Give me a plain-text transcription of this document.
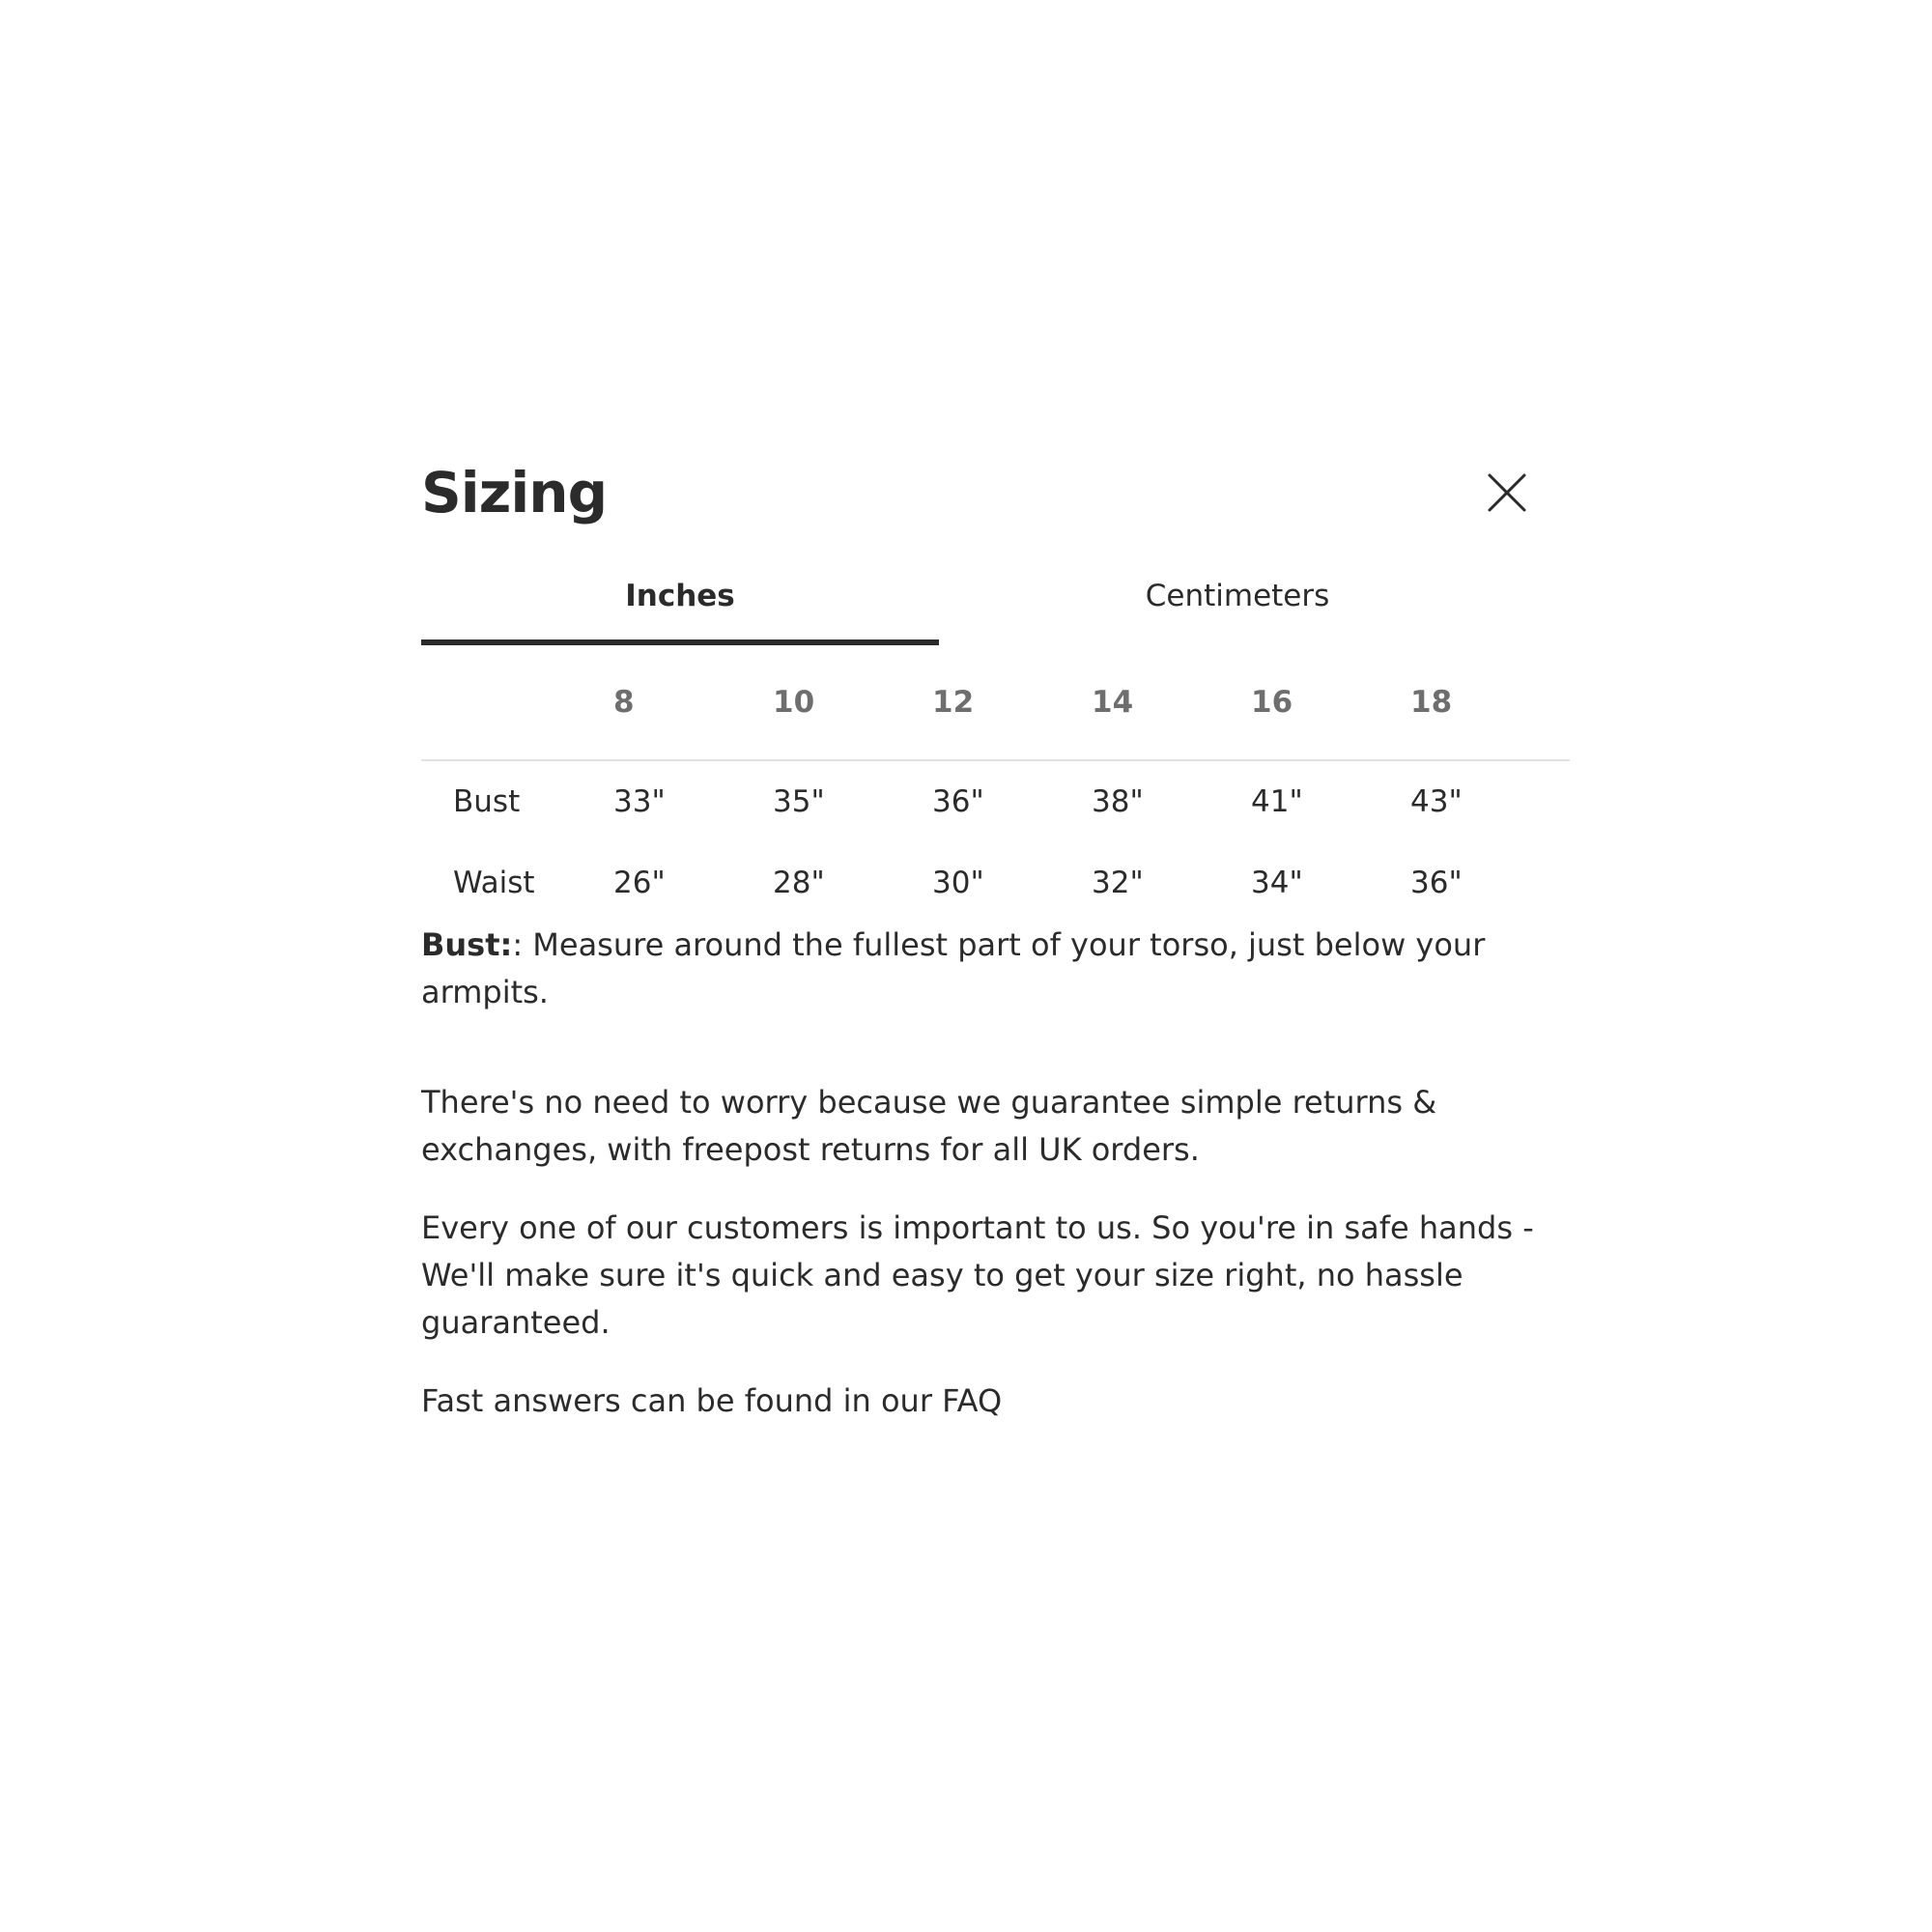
Sizing
Inches	Centimeters
	8	10	12	14	16	18
Bust	33"	35"	36"	38"	41"	43"
Waist	26"	28"	30"	32"	34"	36"

Bust:: Measure around the fullest part of your torso, just below your armpits.

There's no need to worry because we guarantee simple returns & exchanges, with freepost returns for all UK orders.

Every one of our customers is important to us. So you're in safe hands - We'll make sure it's quick and easy to get your size right, no hassle guaranteed.

Fast answers can be found in our FAQ
